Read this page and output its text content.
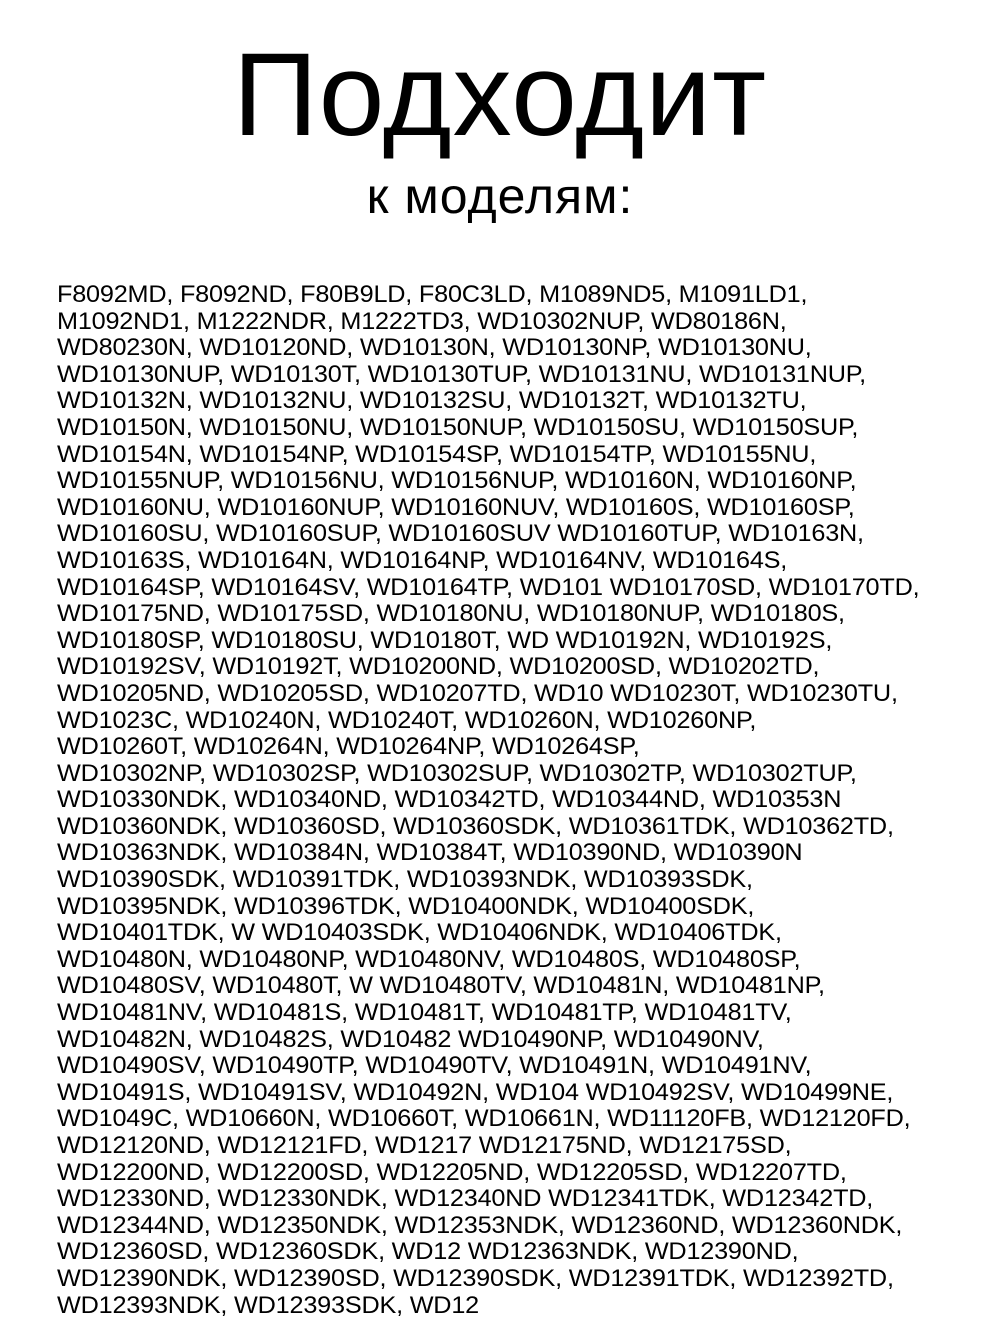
Подходит
к моделям:
F8092MD, F8092ND, F80B9LD, F80C3LD, M1089ND5, M1091LD1,
M1092ND1, M1222NDR, M1222TD3, WD10302NUP, WD80186N,
WD80230N, WD10120ND, WD10130N, WD10130NP, WD10130NU,
WD10130NUP, WD10130T, WD10130TUP, WD10131NU, WD10131NUP,
WD10132N, WD10132NU, WD10132SU, WD10132T, WD10132TU,
WD10150N, WD10150NU, WD10150NUP, WD10150SU, WD10150SUP,
WD10154N, WD10154NP, WD10154SP, WD10154TP, WD10155NU,
WD10155NUP, WD10156NU, WD10156NUP, WD10160N, WD10160NP,
WD10160NU, WD10160NUP, WD10160NUV, WD10160S, WD10160SP,
WD10160SU, WD10160SUP, WD10160SUV WD10160TUP, WD10163N,
WD10163S, WD10164N, WD10164NP, WD10164NV, WD10164S,
WD10164SP, WD10164SV, WD10164TP, WD101 WD10170SD, WD10170TD,
WD10175ND, WD10175SD, WD10180NU, WD10180NUP, WD10180S,
WD10180SP, WD10180SU, WD10180T, WD WD10192N, WD10192S,
WD10192SV, WD10192T, WD10200ND, WD10200SD, WD10202TD,
WD10205ND, WD10205SD, WD10207TD, WD10 WD10230T, WD10230TU,
WD1023C, WD10240N, WD10240T, WD10260N, WD10260NP,
WD10260T, WD10264N, WD10264NP, WD10264SP,
WD10302NP, WD10302SP, WD10302SUP, WD10302TP, WD10302TUP,
WD10330NDK, WD10340ND, WD10342TD, WD10344ND, WD10353N
WD10360NDK, WD10360SD, WD10360SDK, WD10361TDK, WD10362TD,
WD10363NDK, WD10384N, WD10384T, WD10390ND, WD10390N
WD10390SDK, WD10391TDK, WD10393NDK, WD10393SDK,
WD10395NDK, WD10396TDK, WD10400NDK, WD10400SDK,
WD10401TDK, W WD10403SDK, WD10406NDK, WD10406TDK,
WD10480N, WD10480NP, WD10480NV, WD10480S, WD10480SP,
WD10480SV, WD10480T, W WD10480TV, WD10481N, WD10481NP,
WD10481NV, WD10481S, WD10481T, WD10481TP, WD10481TV,
WD10482N, WD10482S, WD10482 WD10490NP, WD10490NV,
WD10490SV, WD10490TP, WD10490TV, WD10491N, WD10491NV,
WD10491S, WD10491SV, WD10492N, WD104 WD10492SV, WD10499NE,
WD1049C, WD10660N, WD10660T, WD10661N, WD11120FB, WD12120FD,
WD12120ND, WD12121FD, WD1217 WD12175ND, WD12175SD,
WD12200ND, WD12200SD, WD12205ND, WD12205SD, WD12207TD,
WD12330ND, WD12330NDK, WD12340ND WD12341TDK, WD12342TD,
WD12344ND, WD12350NDK, WD12353NDK, WD12360ND, WD12360NDK,
WD12360SD, WD12360SDK, WD12 WD12363NDK, WD12390ND,
WD12390NDK, WD12390SD, WD12390SDK, WD12391TDK, WD12392TD,
WD12393NDK, WD12393SDK, WD12
